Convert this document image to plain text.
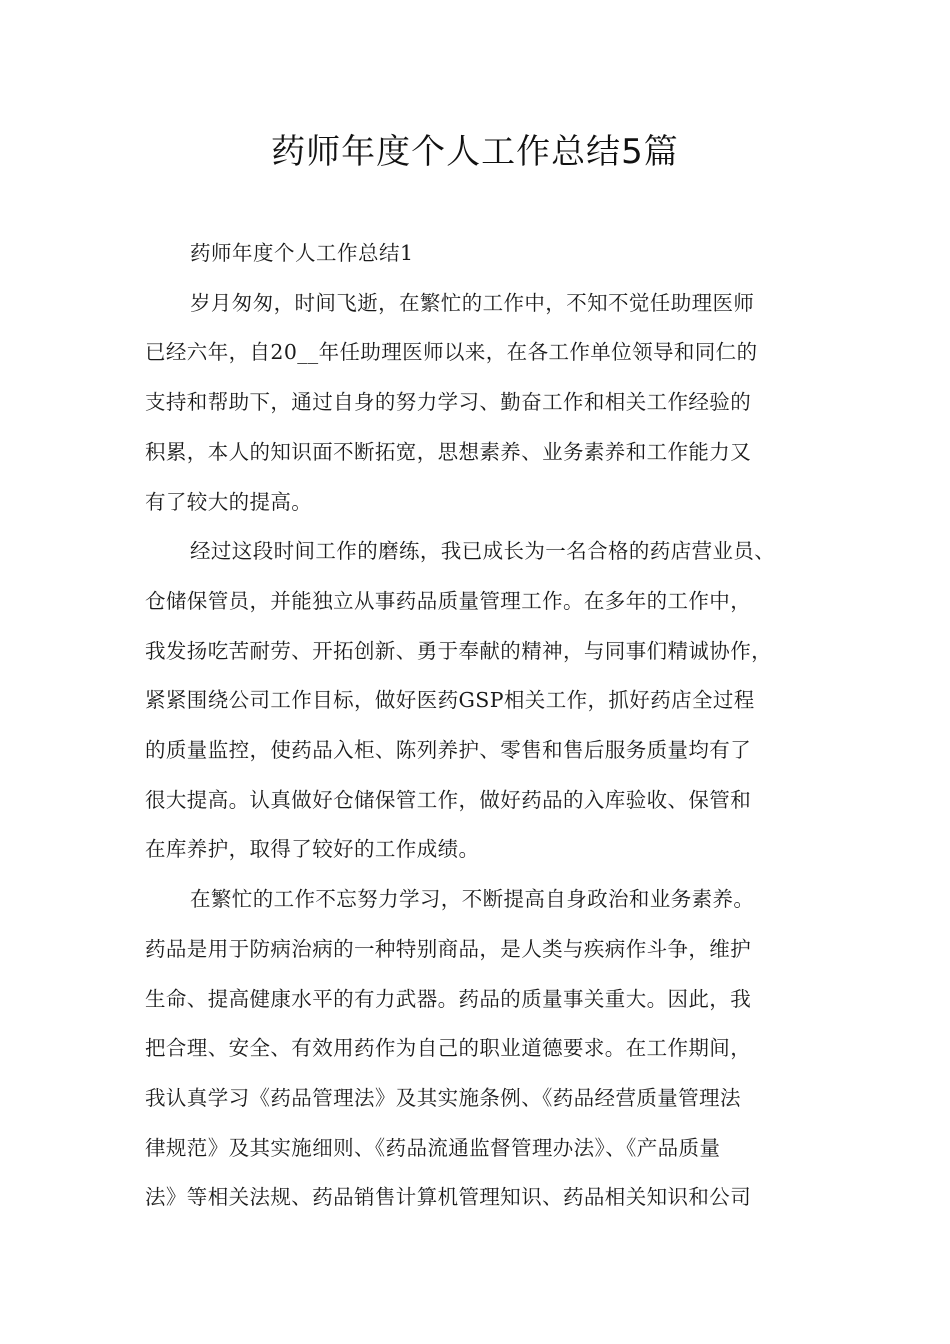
药师年度个人工作总结5篇
药师年度个人工作总结1
岁月匆匆，时间飞逝，在繁忙的工作中，不知不觉任助理医师
已经六年，自20__年任助理医师以来，在各工作单位领导和同仁的
支持和帮助下，通过自身的努力学习、勤奋工作和相关工作经验的
积累，本人的知识面不断拓宽，思想素养、业务素养和工作能力又
有了较大的提高。
经过这段时间工作的磨练，我已成长为一名合格的药店营业员、
仓储保管员，并能独立从事药品质量管理工作。在多年的工作中，
我发扬吃苦耐劳、开拓创新、勇于奉献的精神，与同事们精诚协作，
紧紧围绕公司工作目标，做好医药GSP相关工作，抓好药店全过程
的质量监控，使药品入柜、陈列养护、零售和售后服务质量均有了
很大提高。认真做好仓储保管工作，做好药品的入库验收、保管和
在库养护，取得了较好的工作成绩。
在繁忙的工作不忘努力学习，不断提高自身政治和业务素养。
药品是用于防病治病的一种特别商品，是人类与疾病作斗争，维护
生命、提高健康水平的有力武器。药品的质量事关重大。因此，我
把合理、安全、有效用药作为自己的职业道德要求。在工作期间，
我认真学习《药品管理法》及其实施条例、《药品经营质量管理法
律规范》及其实施细则、《药品流通监督管理办法》、《产品质量
法》等相关法规、药品销售计算机管理知识、药品相关知识和公司
